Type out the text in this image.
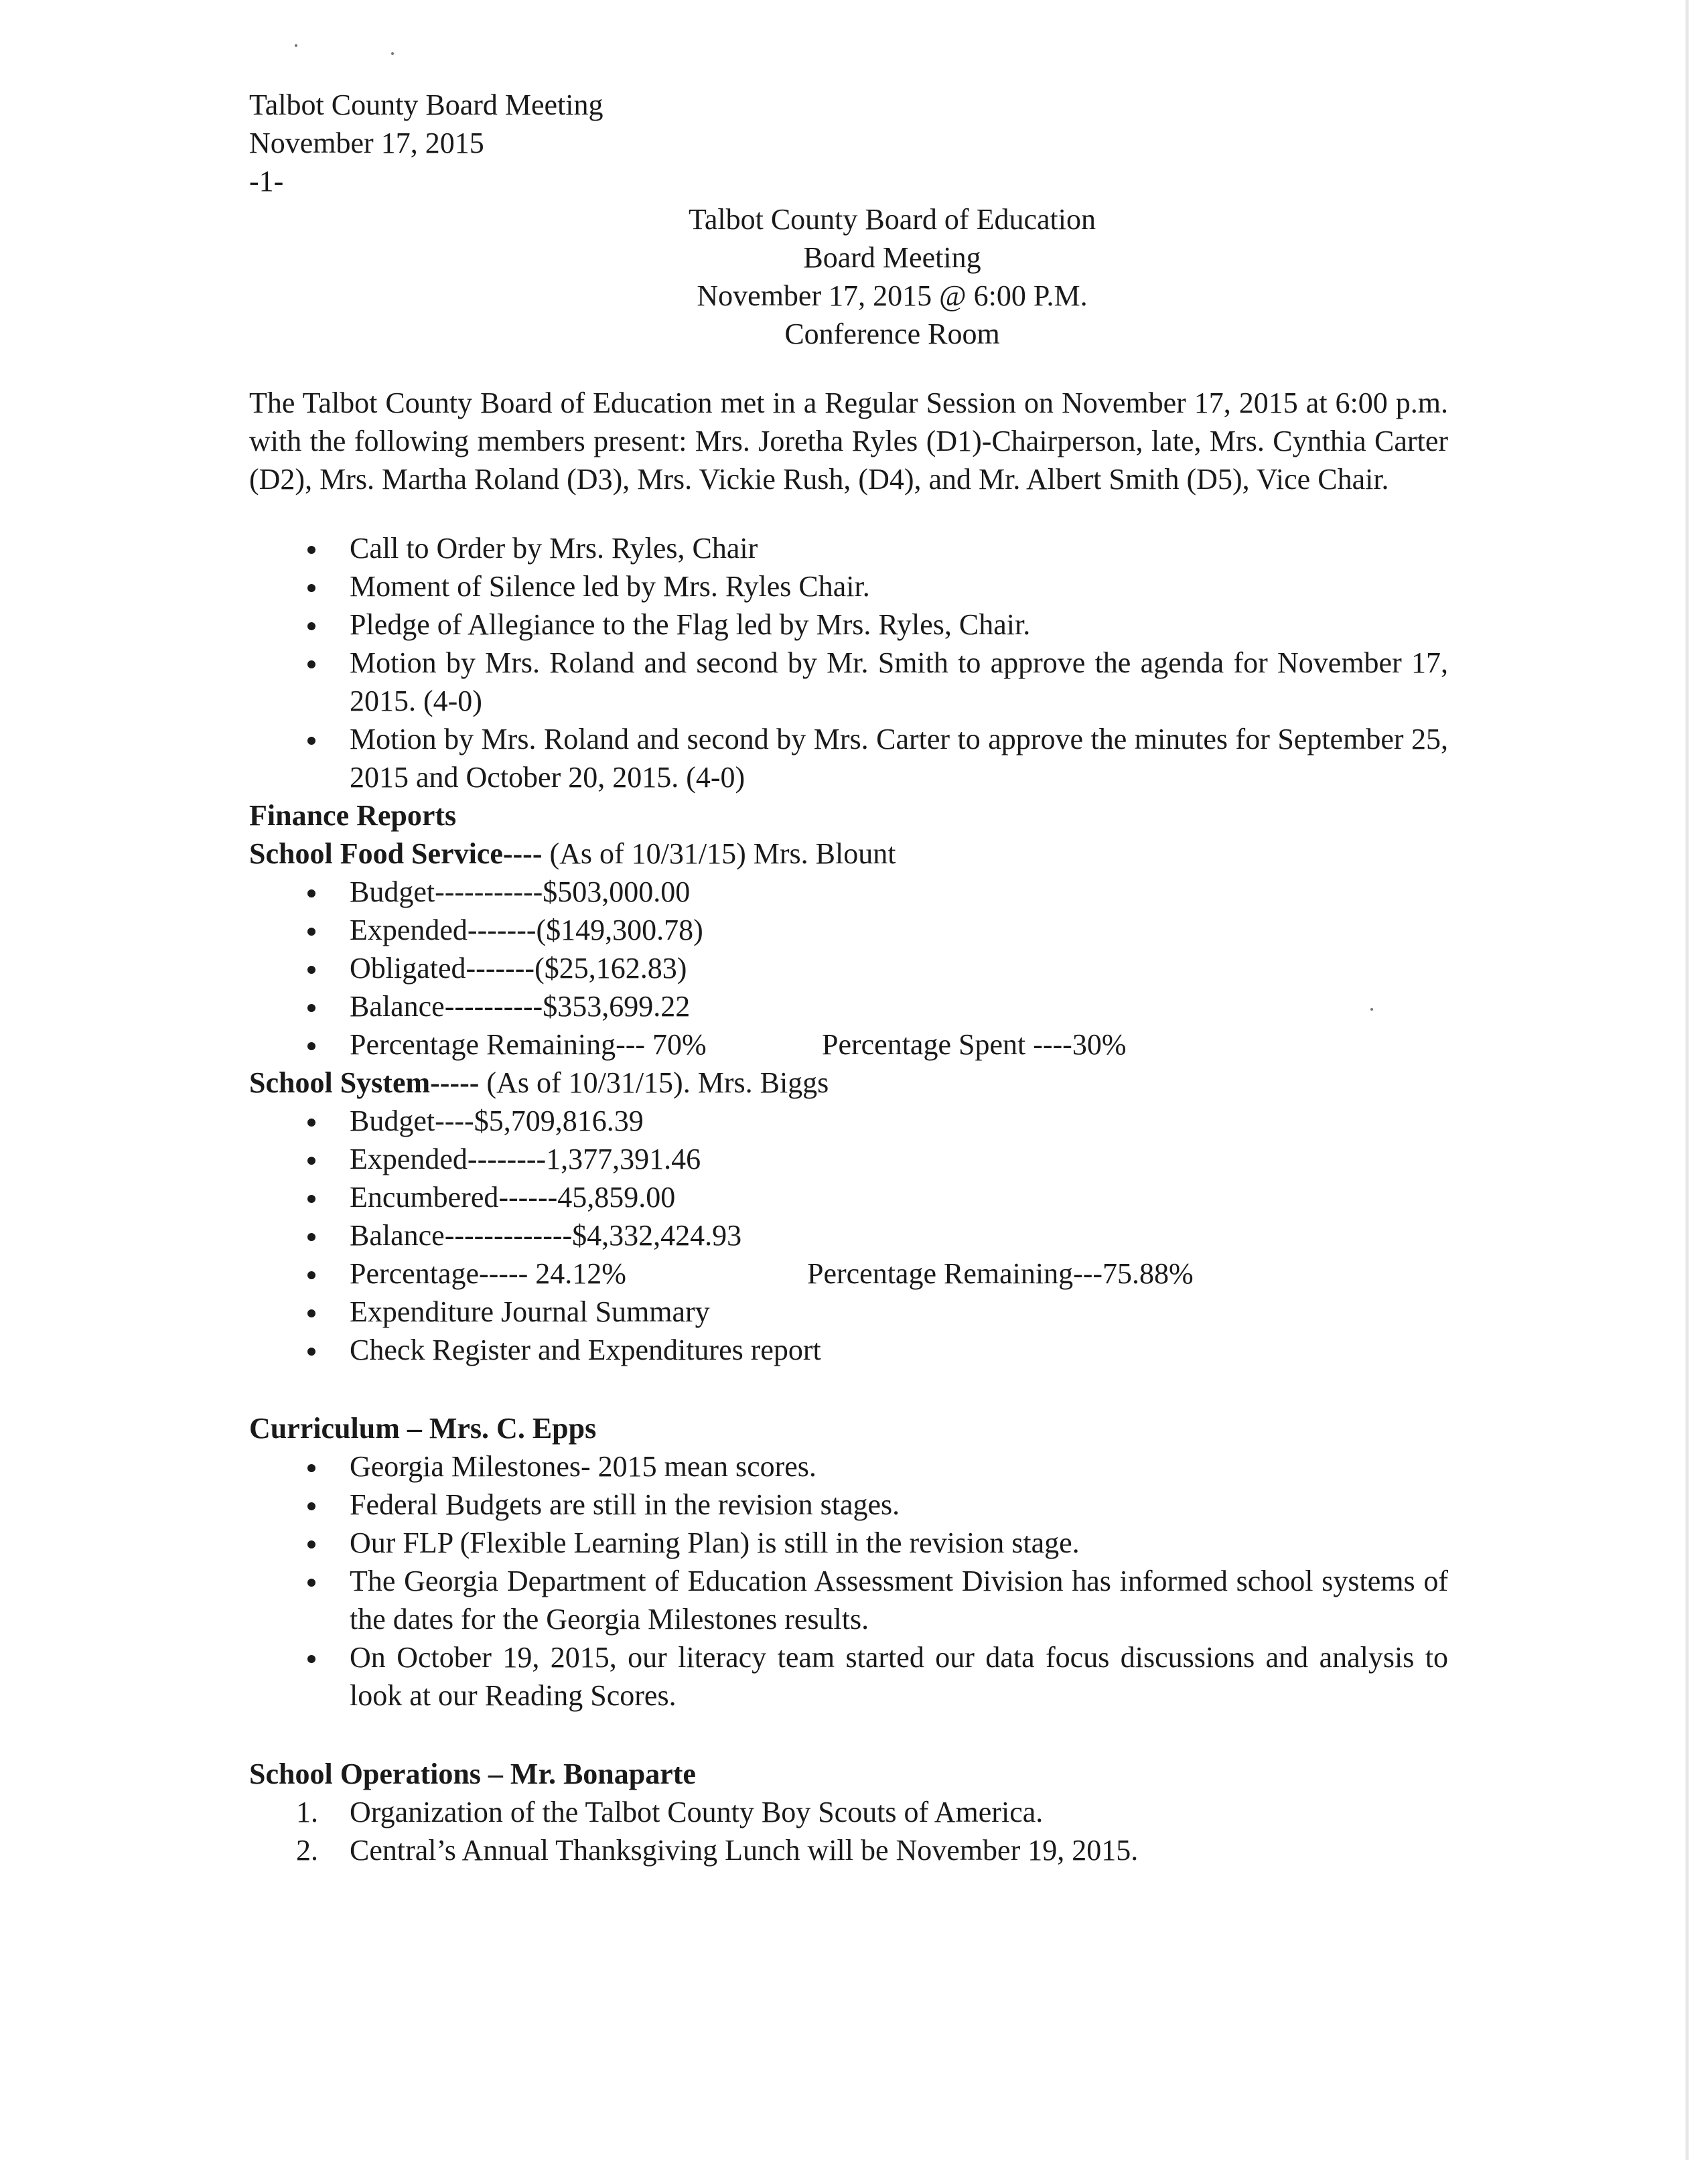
Talbot County Board Meeting
November 17, 2015
-1-
Talbot County Board of Education
Board Meeting
November 17, 2015 @ 6:00 P.M.
Conference Room

The Talbot County Board of Education met in a Regular Session on November 17, 2015 at 6:00 p.m. with the following members present: Mrs. Joretha Ryles (D1)-Chairperson, late, Mrs. Cynthia Carter (D2), Mrs. Martha Roland (D3), Mrs. Vickie Rush, (D4), and Mr. Albert Smith (D5), Vice Chair.

Call to Order by Mrs. Ryles, Chair
Moment of Silence led by Mrs. Ryles Chair.
Pledge of Allegiance to the Flag led by Mrs. Ryles, Chair.
Motion by Mrs. Roland and second by Mr. Smith to approve the agenda for November 17, 2015. (4-0)
Motion by Mrs. Roland and second by Mrs. Carter to approve the minutes for September 25, 2015 and October 20, 2015. (4-0)
Finance Reports
School Food Service---- (As of 10/31/15) Mrs. Blount
Budget-----------$503,000.00
Expended-------($149,300.78)
Obligated-------($25,162.83)
Balance----------$353,699.22
Percentage Remaining--- 70%	Percentage Spent ----30%
School System----- (As of 10/31/15). Mrs. Biggs
Budget----$5,709,816.39
Expended--------1,377,391.46
Encumbered------45,859.00
Balance-------------$4,332,424.93
Percentage----- 24.12%	Percentage Remaining---75.88%
Expenditure Journal Summary
Check Register and Expenditures report
Curriculum – Mrs. C. Epps
Georgia Milestones- 2015 mean scores.
Federal Budgets are still in the revision stages.
Our FLP (Flexible Learning Plan) is still in the revision stage.
The Georgia Department of Education Assessment Division has informed school systems of the dates for the Georgia Milestones results.
On October 19, 2015, our literacy team started our data focus discussions and analysis to look at our Reading Scores.
School Operations – Mr. Bonaparte
1. Organization of the Talbot County Boy Scouts of America.
2. Central’s Annual Thanksgiving Lunch will be November 19, 2015.
